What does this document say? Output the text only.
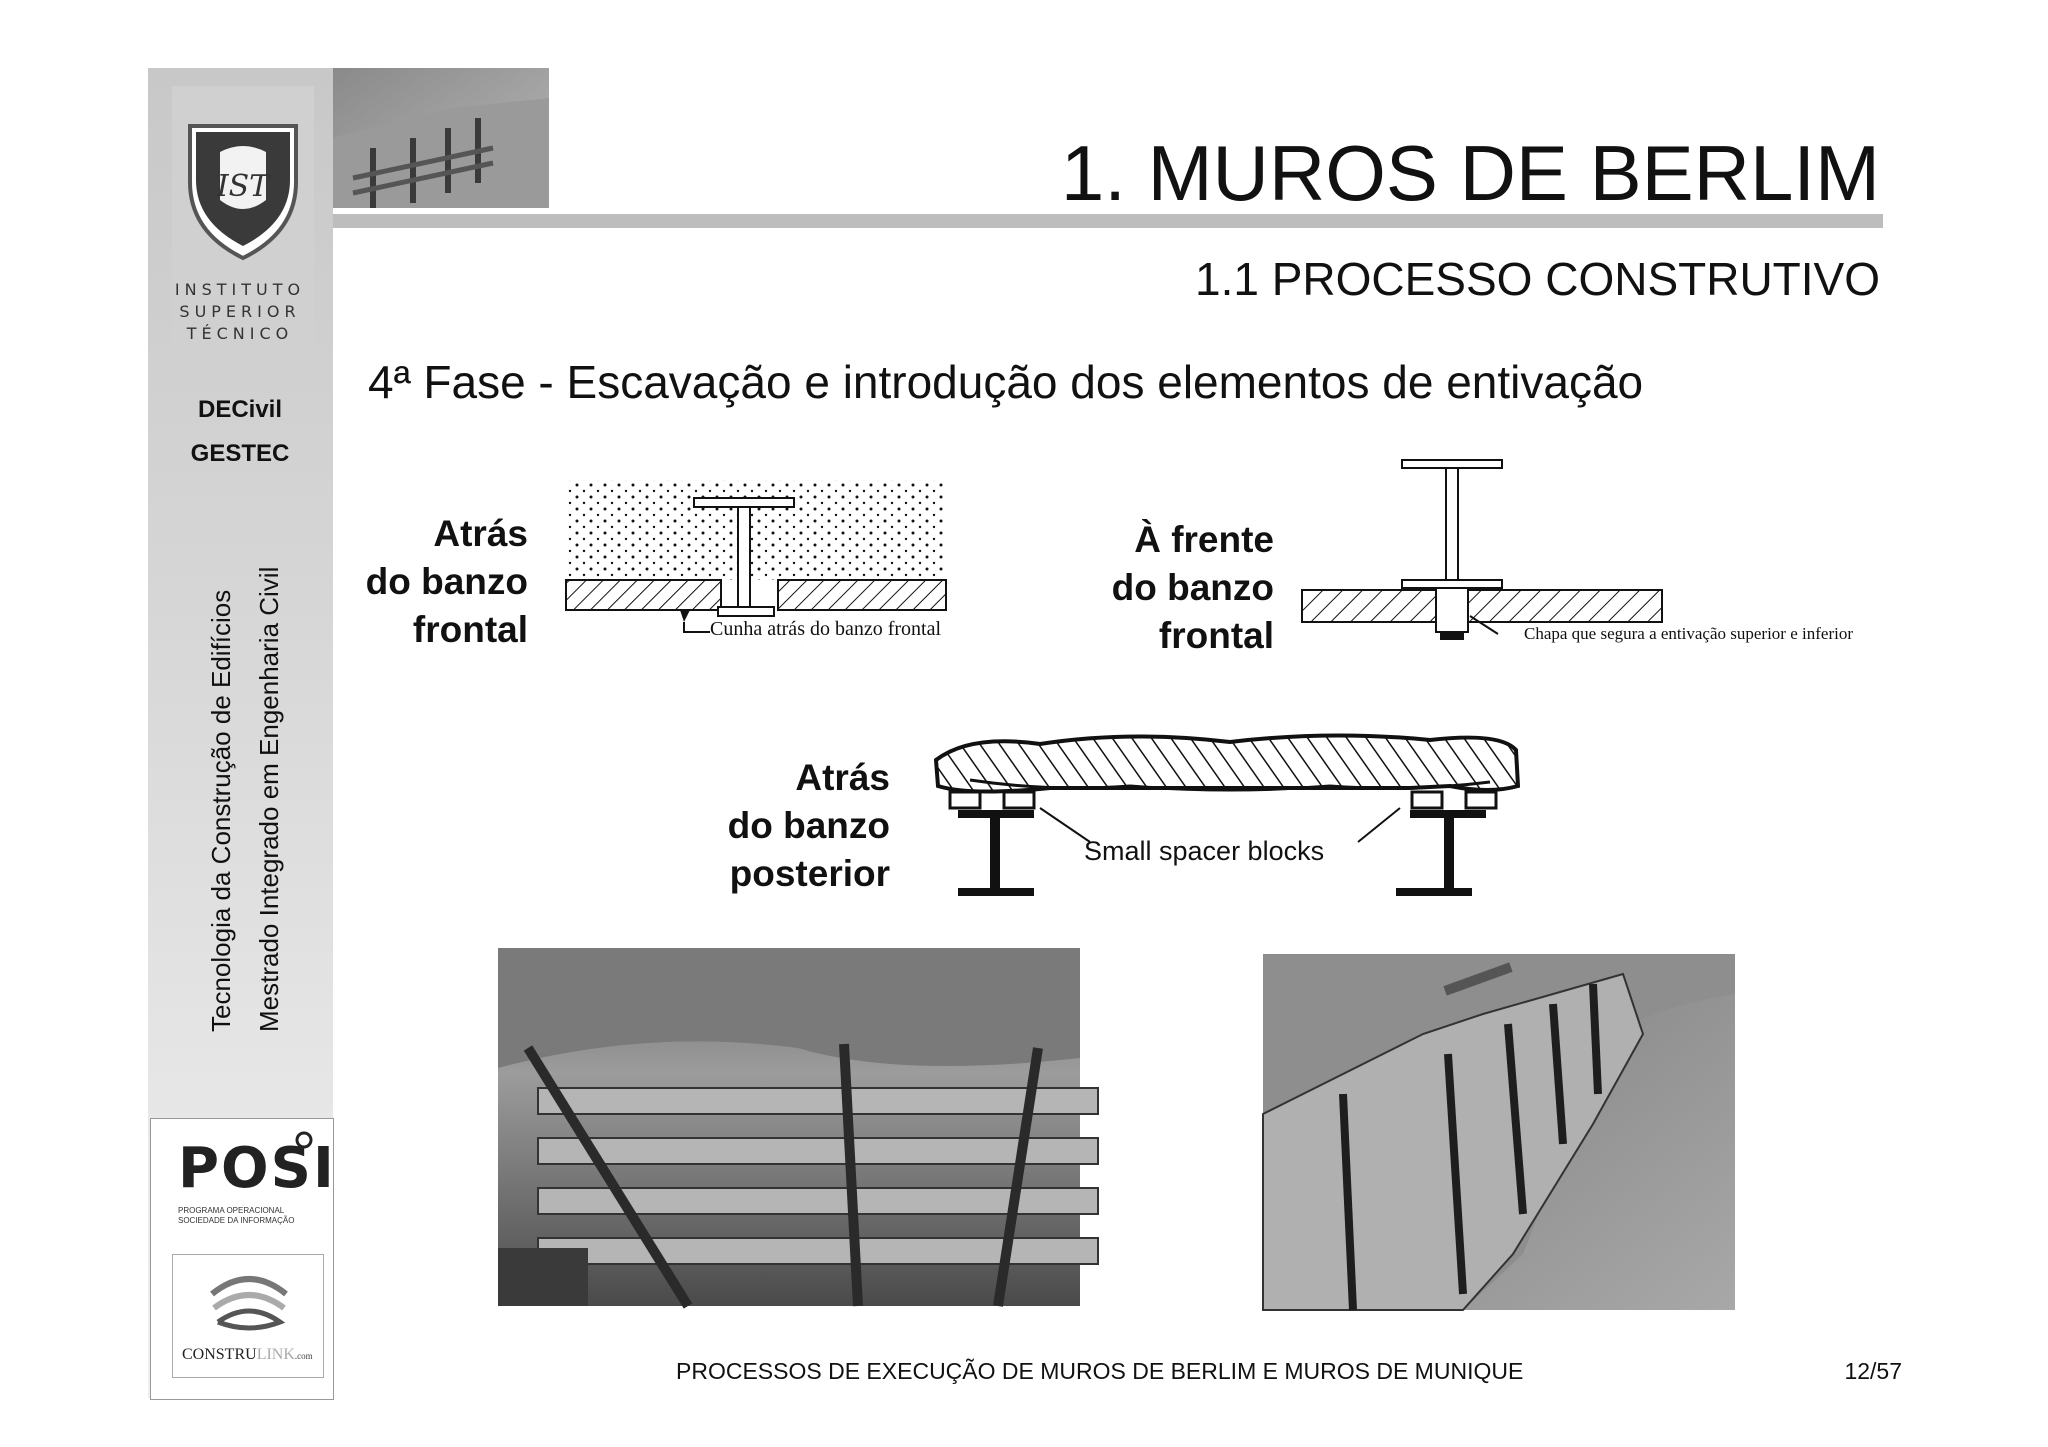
IST
INSTITUTO
SUPERIOR
TÉCNICO
DECivil
GESTEC
Tecnologia da Construção de Edifícios Mestrado Integrado em Engenharia Civil
POSI
PROGRAMA OPERACIONAL
SOCIEDADE DA INFORMAÇÃO
CONSTRULINK.com
1. MUROS DE BERLIM
1.1 PROCESSO CONSTRUTIVO
4ª Fase - Escavação e introdução dos elementos de entivação
Atrás
do banzo
frontal	Cunha atrás do banzo frontal
À frente
do banzo
frontal	Chapa que segura a entivação superior e inferior
Atrás
do banzo
posterior
Small spacer blocks
PROCESSOS DE EXECUÇÃO DE MUROS DE BERLIM E MUROS DE MUNIQUE	12/57
